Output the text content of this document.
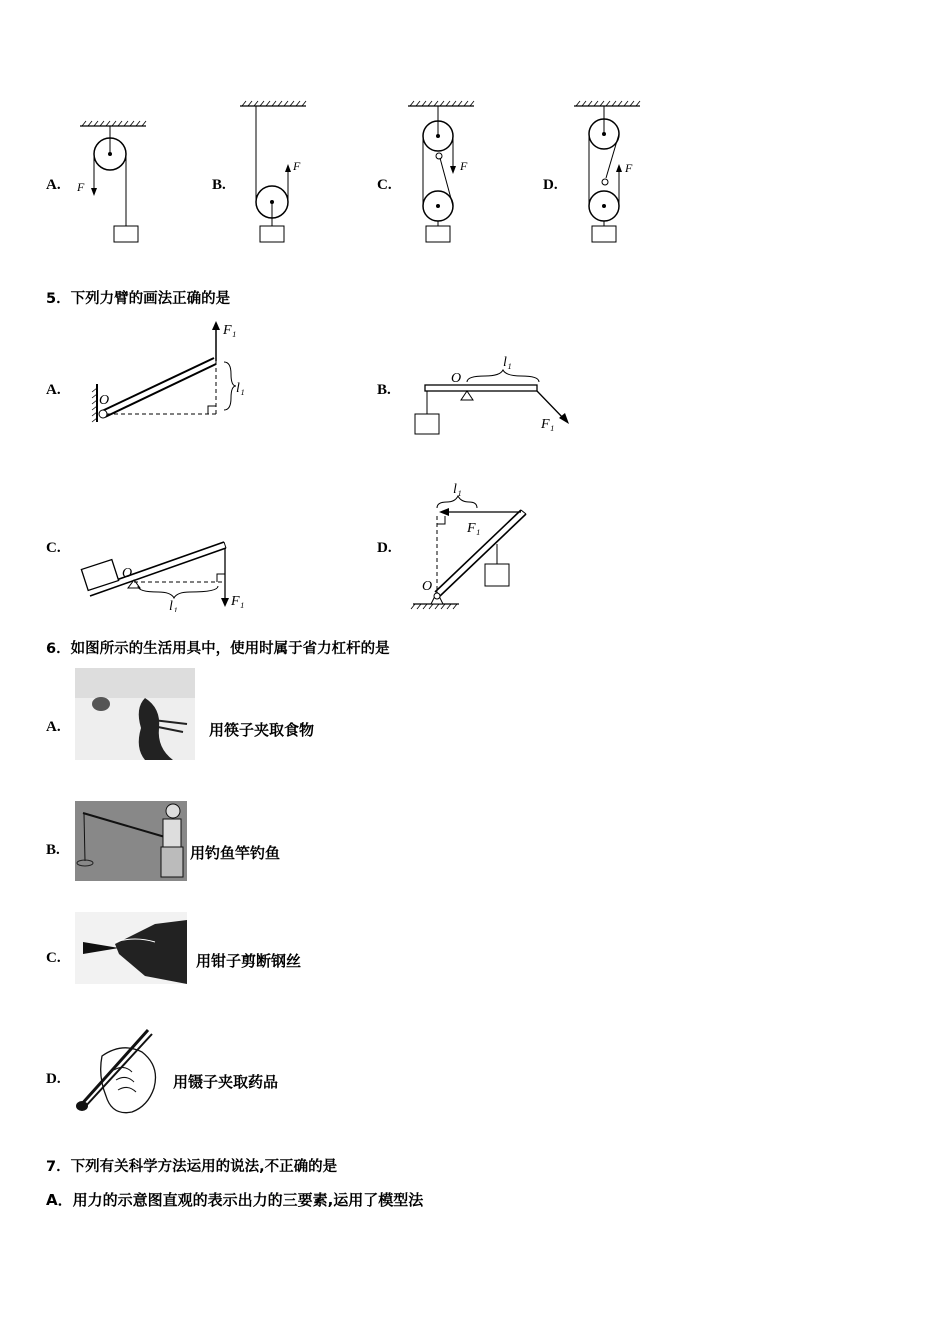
A.	B.	C.	D.
F
F	F	F
5．下列力臂的画法正确的是
A.	B.
C.	D.
F₁
l₁
O
F₁
l₁
O
F₁
l₁
O
F₁
l₁
O
6．如图所示的生活用具中，使用时属于省力杠杆的是
A.	用筷子夹取食物
B.	用钓鱼竿钓鱼
C.	用钳子剪断钢丝
D.	用镊子夹取药品
7．下列有关科学方法运用的说法,不正确的是
A．用力的示意图直观的表示出力的三要素,运用了模型法
